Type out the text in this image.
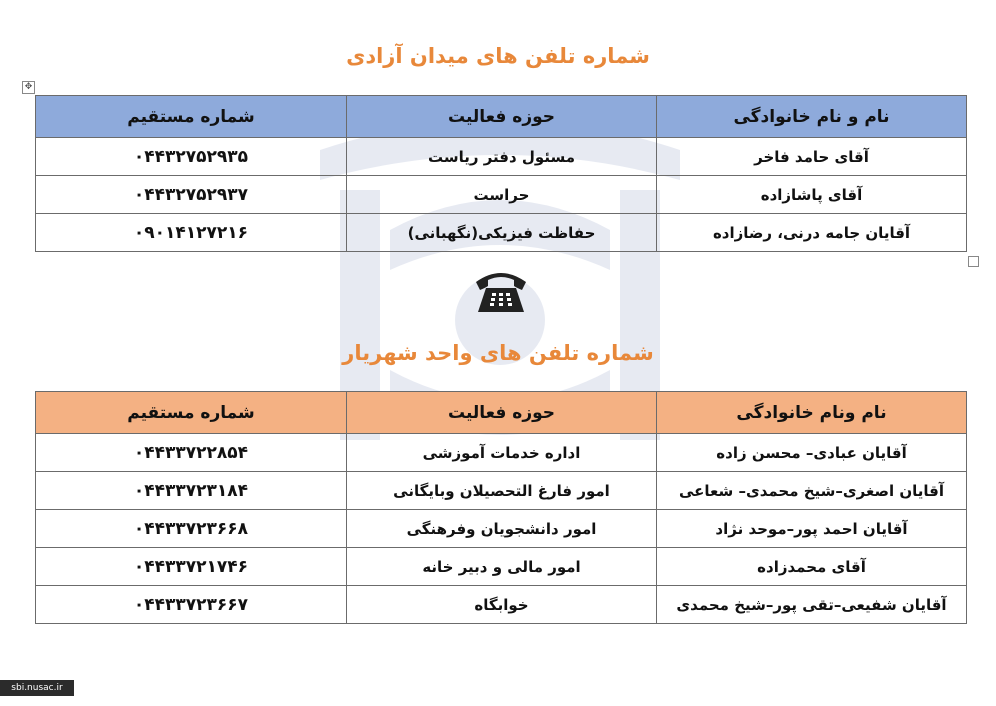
شماره تلفن های میدان آزادی
✥
نام و نام خانوادگی	حوزه فعالیت	شماره مستقیم
آقای حامد فاخر	مسئول دفتر ریاست	۰۴۴۳۲۷۵۲۹۳۵
آقای پاشازاده	حراست	۰۴۴۳۲۷۵۲۹۳۷
آقایان جامه درنی، رضازاده	حفاظت فیزیکی(نگهبانی)	۰۹۰۱۴۱۲۷۲۱۶
شماره تلفن های واحد شهریار
نام ونام خانوادگی	حوزه فعالیت	شماره مستقیم
آقایان عبادی– محسن زاده	اداره خدمات آموزشی	۰۴۴۳۳۷۲۲۸۵۴
آقایان اصغری–شیخ محمدی– شعاعی	امور فارغ التحصیلان وبایگانی	۰۴۴۳۳۷۲۳۱۸۴
آقایان احمد پور–موحد نژاد	امور دانشجویان وفرهنگی	۰۴۴۳۳۷۲۳۶۶۸
آقای محمدزاده	امور مالی و دبیر خانه	۰۴۴۳۳۷۲۱۷۴۶
آقایان شفیعی–تقی پور–شیخ محمدی	خوابگاه	۰۴۴۳۳۷۲۳۶۶۷
sbi.nusac.ir
